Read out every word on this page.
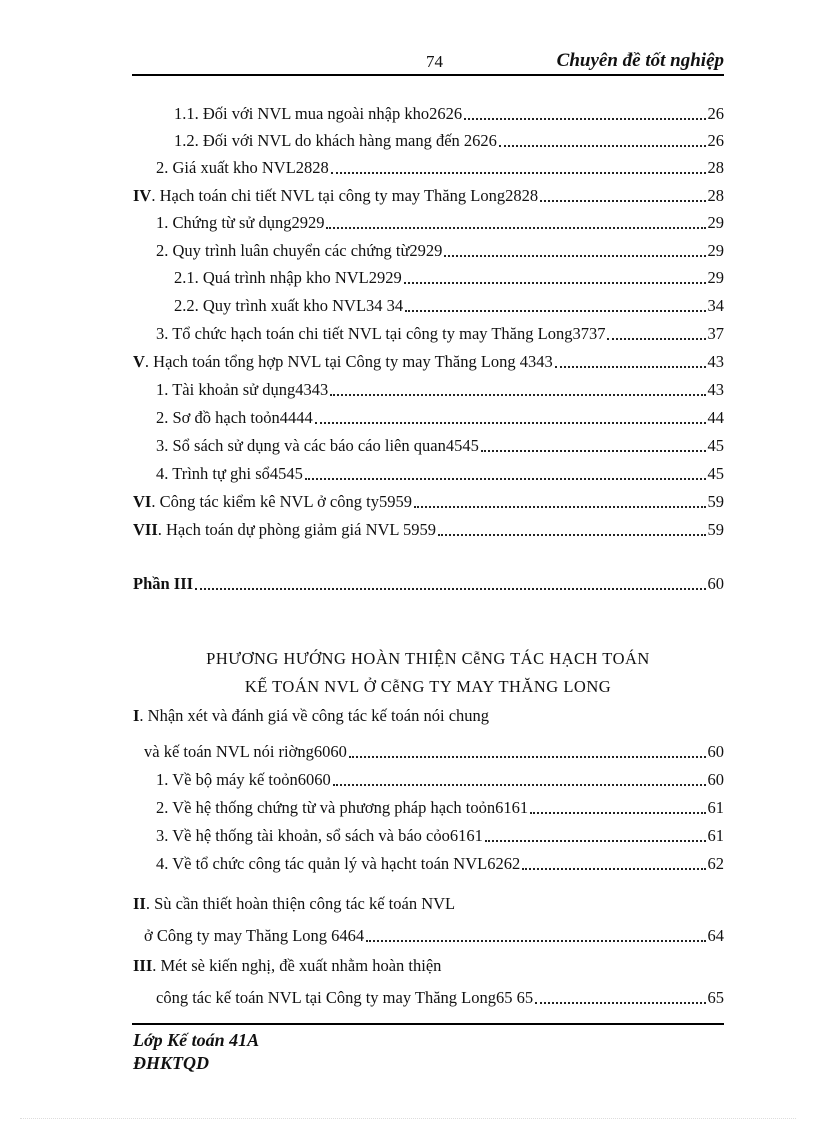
74	Chuyên đề tốt nghiệp
1.1. Đối với NVL mua ngoài nhập kho2626	26
1.2. Đối với NVL do khách hàng mang đến 2626	26
2. Giá xuất kho NVL2828	28
IV. Hạch toán chi tiết NVL tại công ty may Thăng Long2828	28
1. Chứng từ sử dụng2929	29
2. Quy trình luân chuyển các chứng từ2929	29
2.1. Quá trình nhập kho NVL2929	29
2.2. Quy trình xuất kho NVL34 34	34
3. Tổ chức hạch toán chi tiết NVL tại công ty may Thăng Long3737	37
V. Hạch toán tổng hợp NVL tại Công ty may Thăng Long 4343	43
1. Tài khoản sử dụng4343	43
2. Sơ đồ hạch toỏn4444	44
3. Sổ sách sử dụng và các báo cáo liên quan4545	45
4. Trình tự ghi sổ4545	45
VI. Công tác kiểm kê NVL ở công ty5959	59
VII. Hạch toán dự phòng giảm giá NVL 5959	59
Phần III	60
PHƯƠNG HƯỚNG HOÀN THIỆN CễNG TÁC HẠCH TOÁN
KẾ TOÁN NVL Ở CễNG TY MAY THĂNG LONG
I. Nhận xét và đánh giá về công tác kế toán nói chung
và kế toán NVL nói riờng6060	60
1. Về bộ máy kế toỏn6060	60
2. Về hệ thống chứng từ và phương pháp hạch toỏn6161	61
3. Về hệ thống tài khoản, sổ sách và báo cỏo6161	61
4. Về tổ chức công tác quản lý và hạcht toán NVL6262	62
II. Sù cần thiết hoàn thiện công tác kế toán NVL
ở Công ty may Thăng Long 6464	64
III. Mét sè kiến nghị, đề xuất nhằm hoàn thiện
công tác kế toán NVL tại Công ty may Thăng Long65 65	65
Lớp Kế toán 41A
ĐHKTQD
